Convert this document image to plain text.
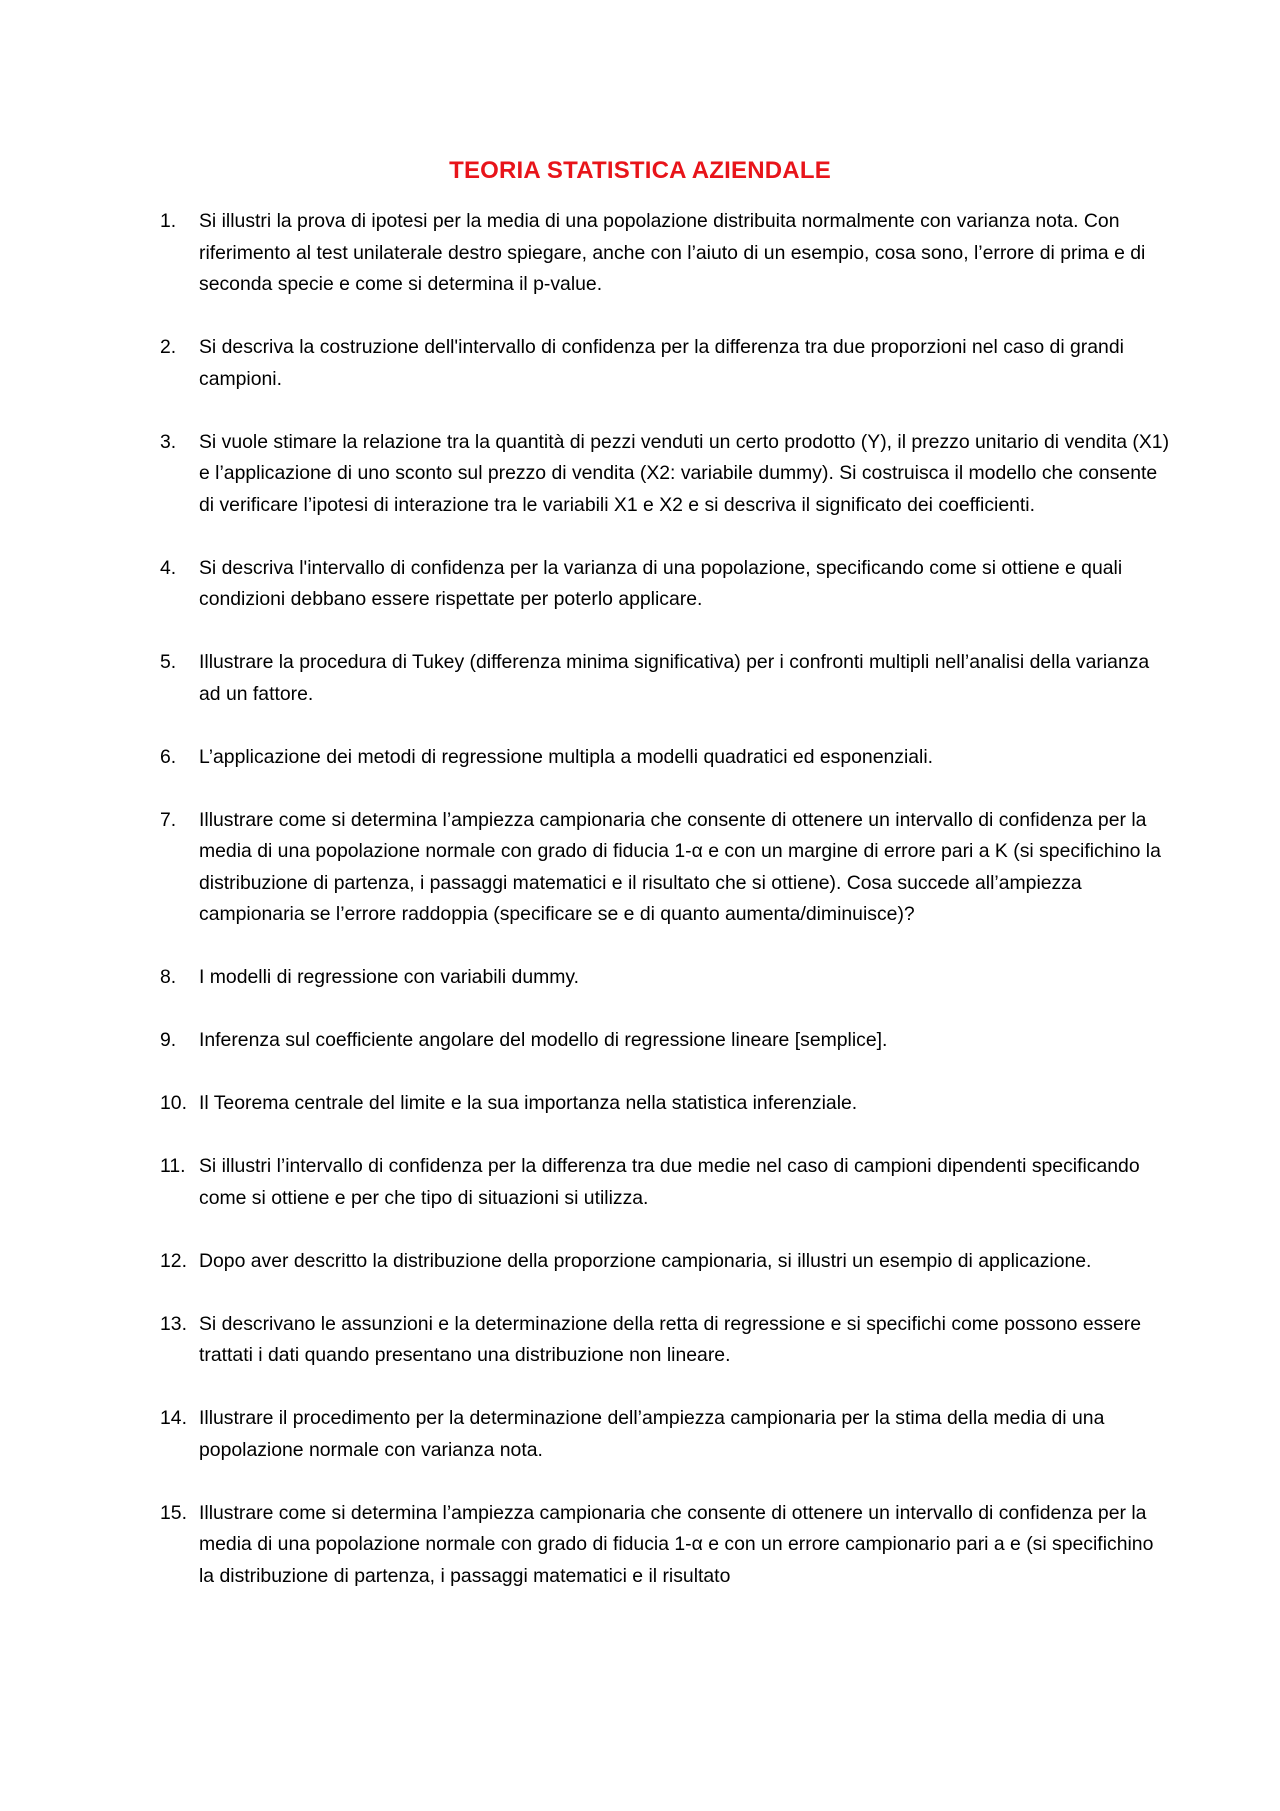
TEORIA STATISTICA AZIENDALE
1. Si illustri la prova di ipotesi per la media di una popolazione distribuita normalmente con varianza nota. Con riferimento al test unilaterale destro spiegare, anche con l’aiuto di un esempio, cosa sono, l’errore di prima e di seconda specie e come si determina il p-value.
2. Si descriva la costruzione dell'intervallo di confidenza per la differenza tra due proporzioni nel caso di grandi campioni.
3. Si vuole stimare la relazione tra la quantità di pezzi venduti un certo prodotto (Y), il prezzo unitario di vendita (X1) e l’applicazione di uno sconto sul prezzo di vendita (X2: variabile dummy). Si costruisca il modello che consente di verificare l’ipotesi di interazione tra le variabili X1 e X2 e si descriva il significato dei coefficienti.
4. Si descriva l'intervallo di confidenza per la varianza di una popolazione, specificando come si ottiene e quali condizioni debbano essere rispettate per poterlo applicare.
5. Illustrare la procedura di Tukey (differenza minima significativa) per i confronti multipli nell’analisi della varianza ad un fattore.
6. L’applicazione dei metodi di regressione multipla a modelli quadratici ed esponenziali.
7. Illustrare come si determina l’ampiezza campionaria che consente di ottenere un intervallo di confidenza per la media di una popolazione normale con grado di fiducia 1-α e con un margine di errore pari a K (si specifichino la distribuzione di partenza, i passaggi matematici e il risultato che si ottiene). Cosa succede all’ampiezza campionaria se l’errore raddoppia (specificare se e di quanto aumenta/diminuisce)?
8. I modelli di regressione con variabili dummy.
9. Inferenza sul coefficiente angolare del modello di regressione lineare [semplice].
10. Il Teorema centrale del limite e la sua importanza nella statistica inferenziale.
11. Si illustri l’intervallo di confidenza per la differenza tra due medie nel caso di campioni dipendenti specificando come si ottiene e per che tipo di situazioni si utilizza.
12. Dopo aver descritto la distribuzione della proporzione campionaria, si illustri un esempio di applicazione.
13. Si descrivano le assunzioni e la determinazione della retta di regressione e si specifichi come possono essere trattati i dati quando presentano una distribuzione non lineare.
14. Illustrare il procedimento per la determinazione dell’ampiezza campionaria per la stima della media di una popolazione normale con varianza nota.
15. Illustrare come si determina l’ampiezza campionaria che consente di ottenere un intervallo di confidenza per la media di una popolazione normale con grado di fiducia 1-α e con un errore campionario pari a e (si specifichino la distribuzione di partenza, i passaggi matematici e il risultato
